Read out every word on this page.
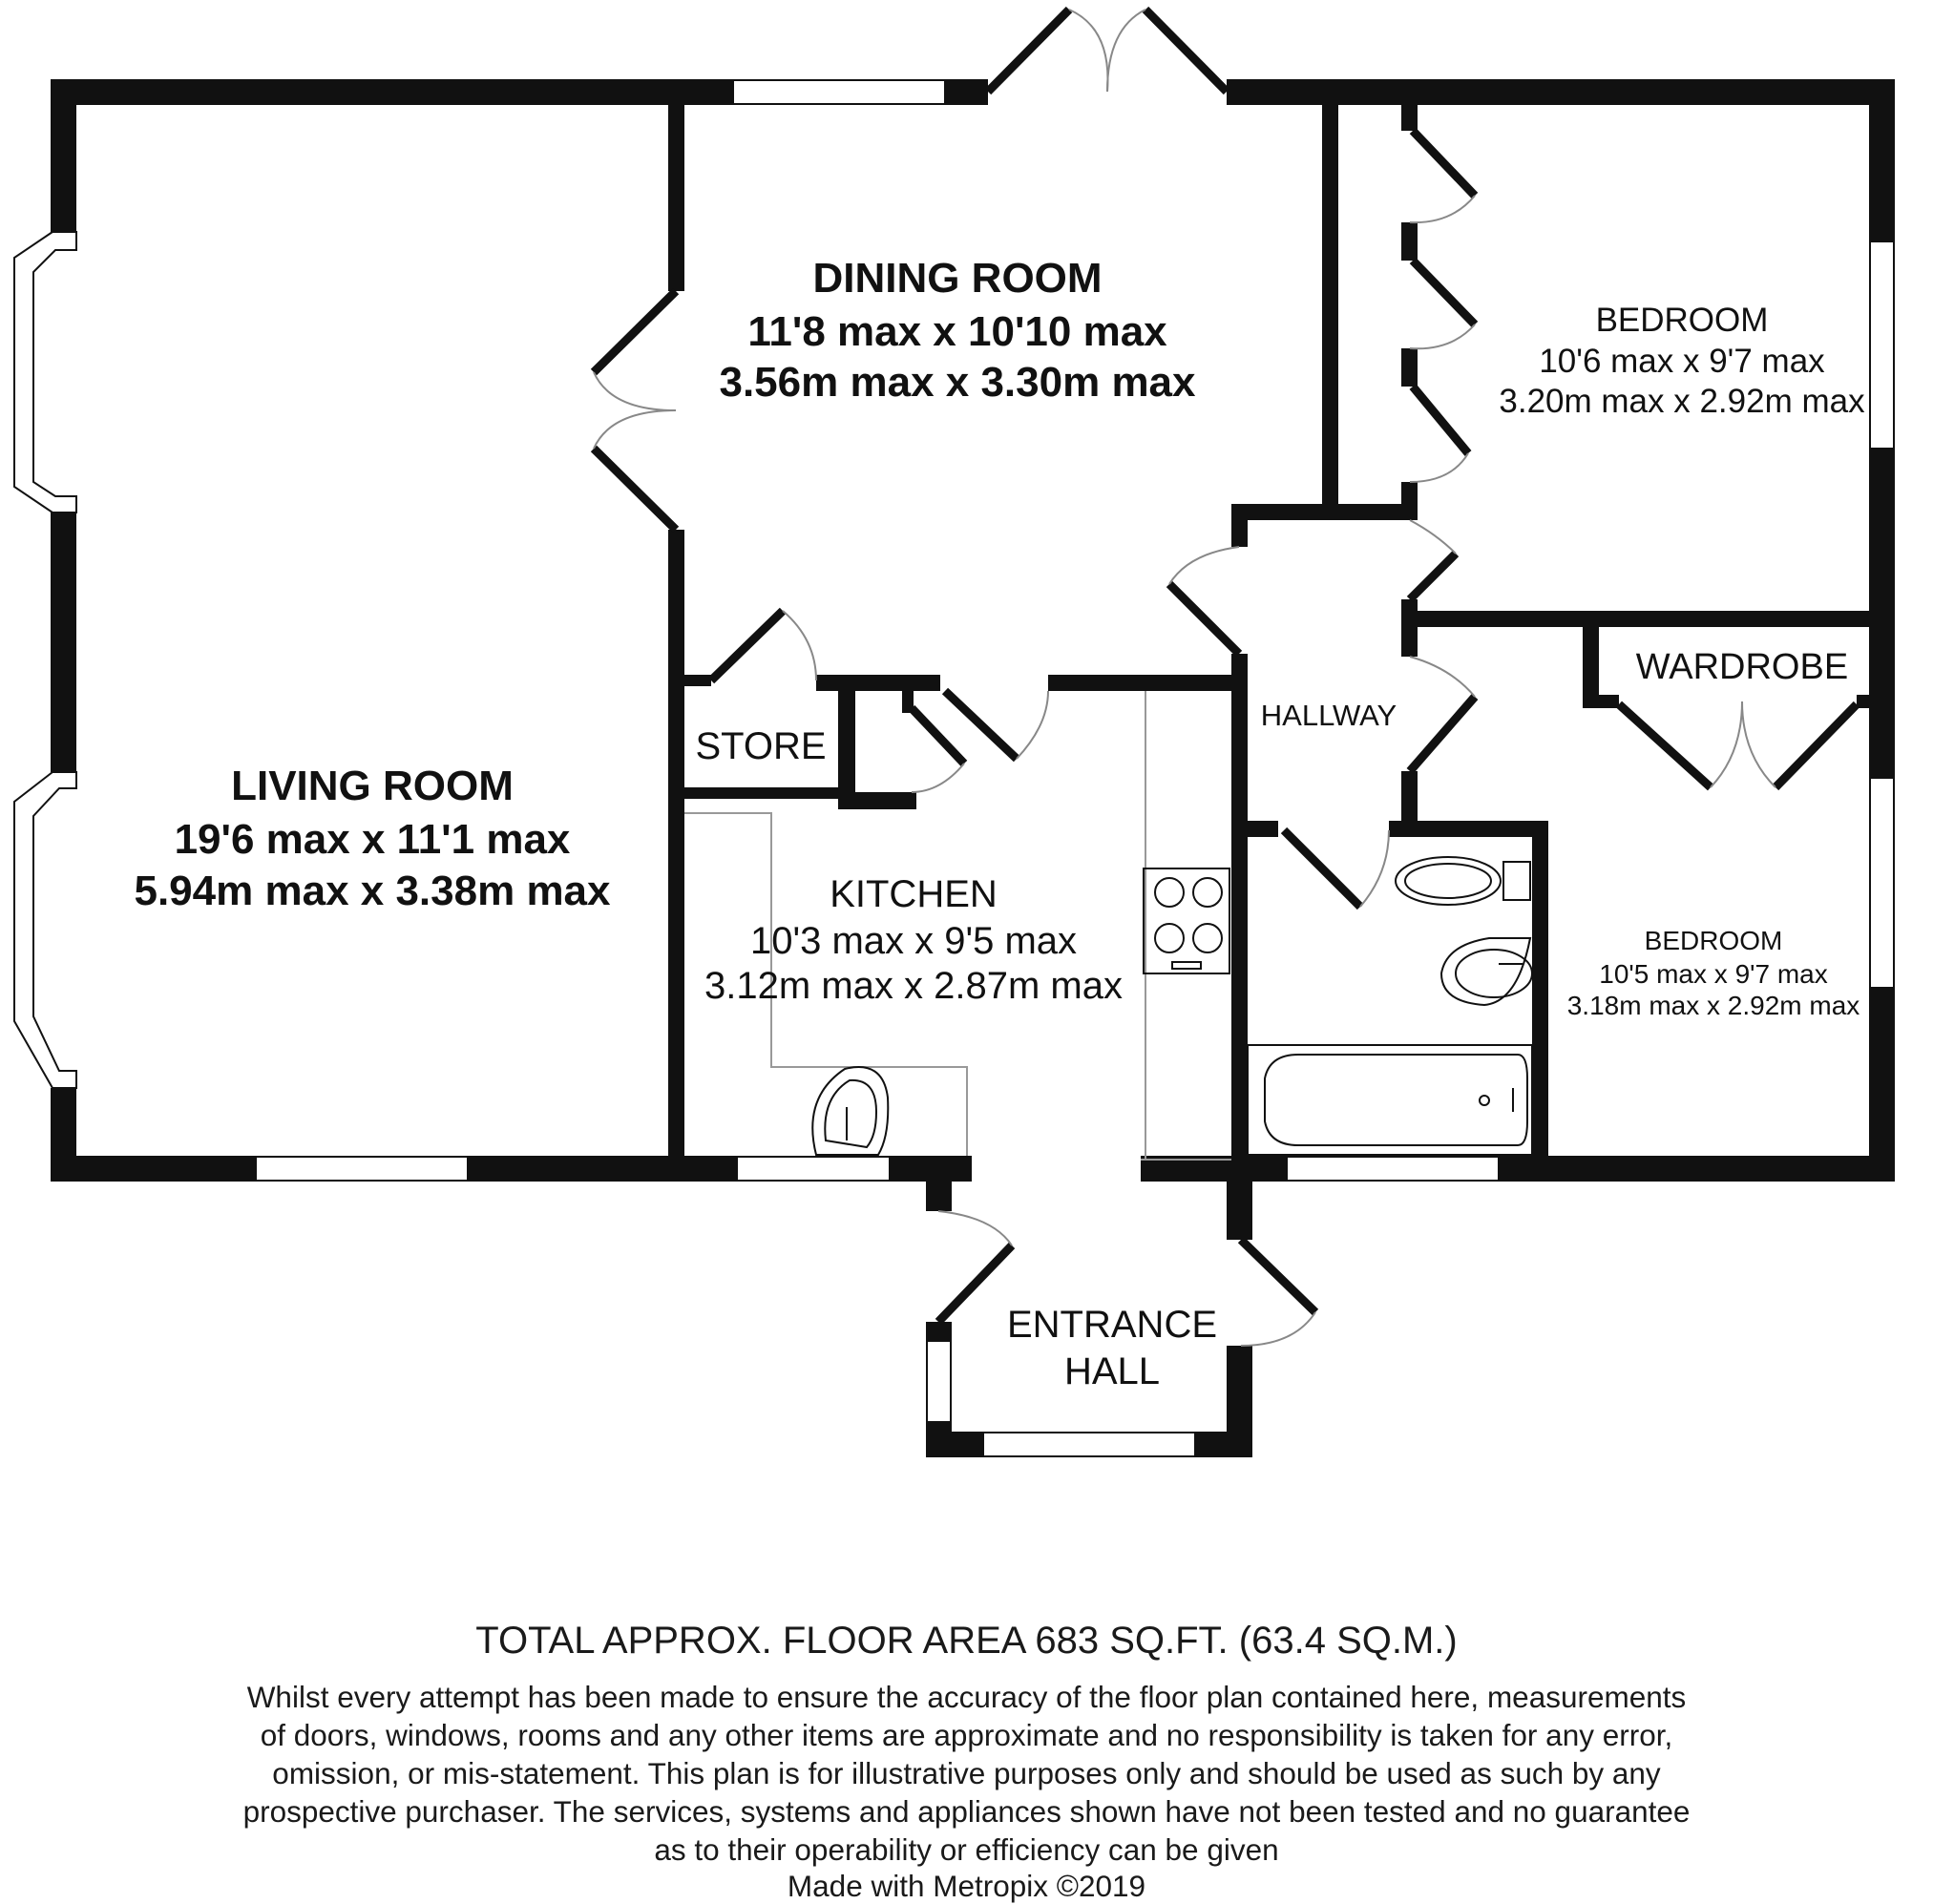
LIVING ROOM
19'6 max x 11'1 max
5.94m max x 3.38m max
DINING ROOM
11'8 max x 10'10 max
3.56m max x 3.30m max
BEDROOM
10'6 max x 9'7 max
3.20m max x 2.92m max
WARDROBE
HALLWAY
STORE
BEDROOM
10'5 max x 9'7 max
3.18m max x 2.92m max
KITCHEN
10'3 max x 9'5 max
3.12m max x 2.87m max
ENTRANCE
HALL
TOTAL APPROX. FLOOR AREA 683 SQ.FT. (63.4 SQ.M.)
Whilst every attempt has been made to ensure the accuracy of the floor plan contained here, measurements
of doors, windows, rooms and any other items are approximate and no responsibility is taken for any error,
omission, or mis-statement. This plan is for illustrative purposes only and should be used as such by any
prospective purchaser. The services, systems and appliances shown have not been tested and no guarantee
as to their operability or efficiency can be given
Made with Metropix ©2019
